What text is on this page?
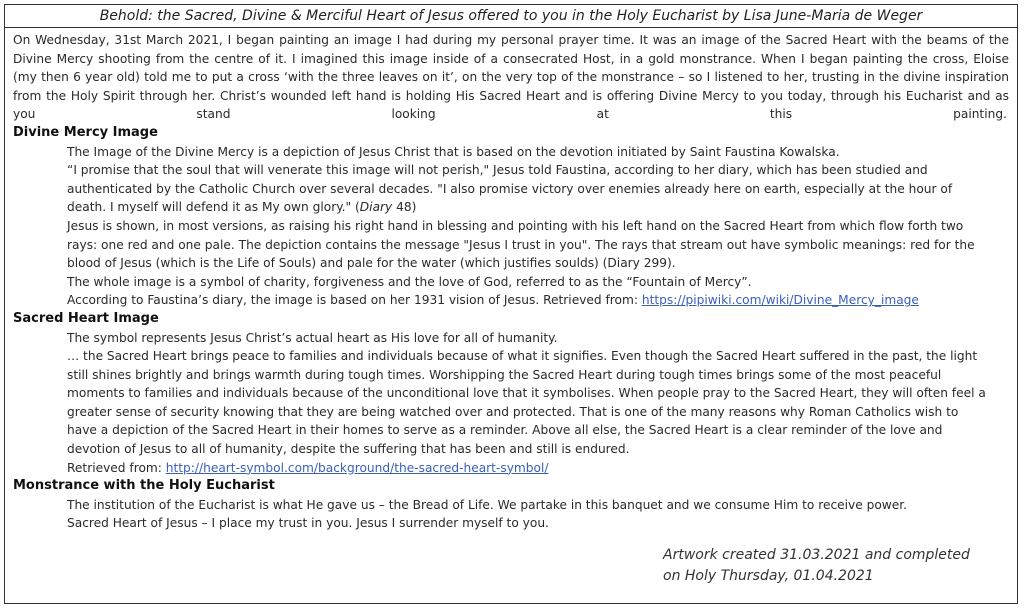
Behold: the Sacred, Divine & Merciful Heart of Jesus offered to you in the Holy Eucharist by Lisa June-Maria de Weger

On Wednesday, 31st March 2021, I began painting an image I had during my personal prayer time. It was an image of the Sacred Heart with the beams of the

Divine Mercy shooting from the centre of it. I imagined this image inside of a consecrated Host, in a gold monstrance. When I began painting the cross, Eloise

(my then 6 year old) told me to put a cross ‘with the three leaves on it’, on the very top of the monstrance – so I listened to her, trusting in the divine inspiration

from the Holy Spirit through her. Christ’s wounded left hand is holding His Sacred Heart and is offering Divine Mercy to you today, through his Eucharist and as

you	stand	looking	at	this	painting.

Divine Mercy Image

The Image of the Divine Mercy is a depiction of Jesus Christ that is based on the devotion initiated by Saint Faustina Kowalska.

“I promise that the soul that will venerate this image will not perish," Jesus told Faustina, according to her diary, which has been studied and

authenticated by the Catholic Church over several decades. "I also promise victory over enemies already here on earth, especially at the hour of

death. I myself will defend it as My own glory." (Diary 48)

Jesus is shown, in most versions, as raising his right hand in blessing and pointing with his left hand on the Sacred Heart from which flow forth two

rays: one red and one pale. The depiction contains the message "Jesus I trust in you". The rays that stream out have symbolic meanings: red for the

blood of Jesus (which is the Life of Souls) and pale for the water (which justifies soulds) (Diary 299).

The whole image is a symbol of charity, forgiveness and the love of God, referred to as the “Fountain of Mercy”.

According to Faustina’s diary, the image is based on her 1931 vision of Jesus. Retrieved from: https://pipiwiki.com/wiki/Divine_Mercy_image

Sacred Heart Image

The symbol represents Jesus Christ’s actual heart as His love for all of humanity.

… the Sacred Heart brings peace to families and individuals because of what it signifies. Even though the Sacred Heart suffered in the past, the light

still shines brightly and brings warmth during tough times. Worshipping the Sacred Heart during tough times brings some of the most peaceful

moments to families and individuals because of the unconditional love that it symbolises. When people pray to the Sacred Heart, they will often feel a

greater sense of security knowing that they are being watched over and protected. That is one of the many reasons why Roman Catholics wish to

have a depiction of the Sacred Heart in their homes to serve as a reminder. Above all else, the Sacred Heart is a clear reminder of the love and

devotion of Jesus to all of humanity, despite the suffering that has been and still is endured.

Retrieved from: http://heart-symbol.com/background/the-sacred-heart-symbol/

Monstrance with the Holy Eucharist

The institution of the Eucharist is what He gave us – the Bread of Life. We partake in this banquet and we consume Him to receive power.

Sacred Heart of Jesus – I place my trust in you. Jesus I surrender myself to you.

Artwork created 31.03.2021 and completed
on Holy Thursday, 01.04.2021
